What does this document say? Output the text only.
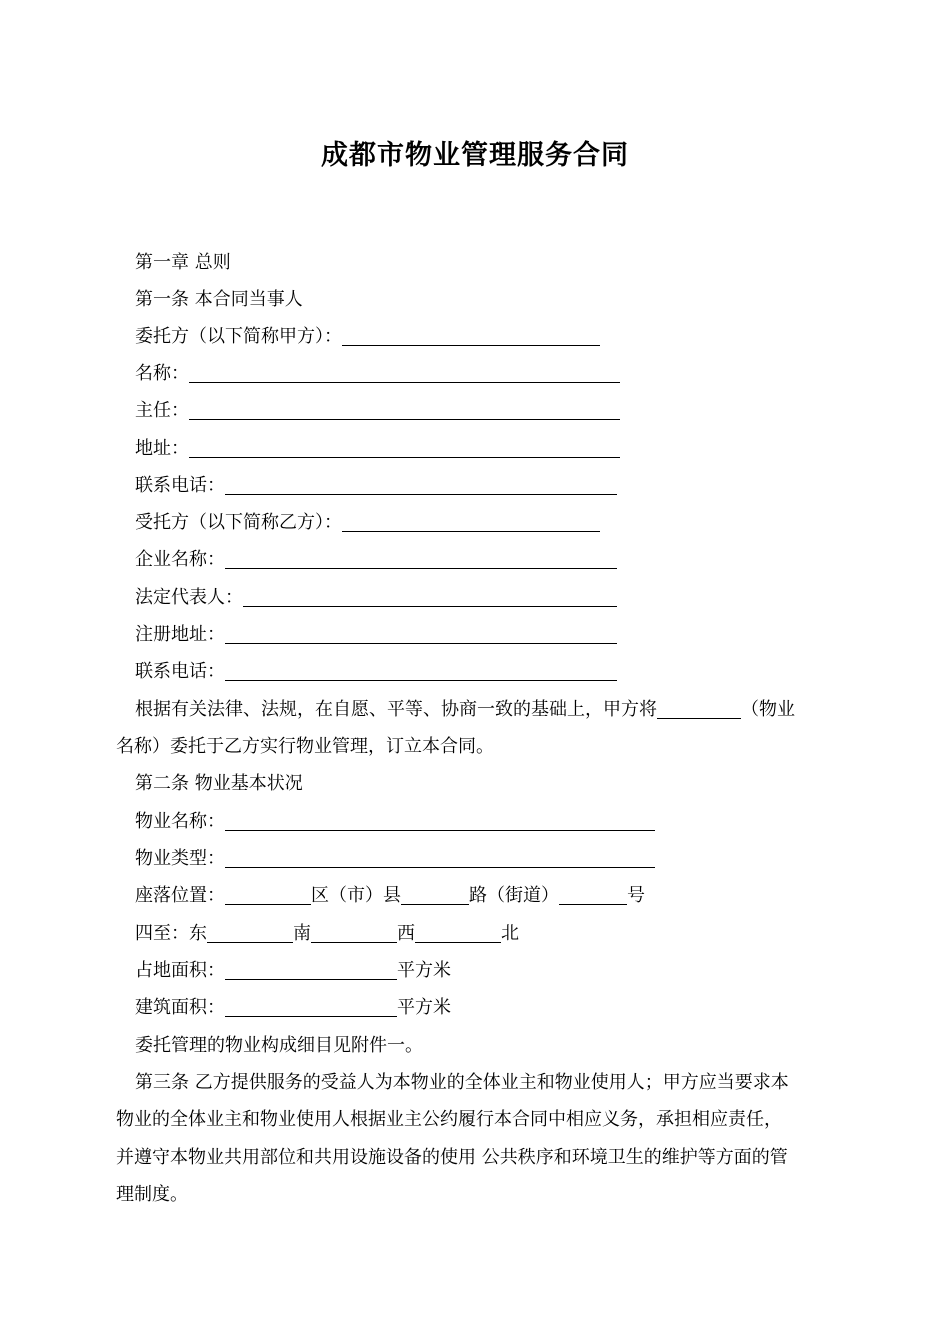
成都市物业管理服务合同
第一章 总则
第一条 本合同当事人
委托方（以下简称甲方）：
名称：
主任：
地址：
联系电话：
受托方（以下简称乙方）：
企业名称：
法定代表人：
注册地址：
联系电话：
根据有关法律、法规，在自愿、平等、协商一致的基础上，甲方将	（物业
名称）委托于乙方实行物业管理，订立本合同。
第二条 物业基本状况
物业名称：
物业类型：
座落位置：	区（市）县	路（街道）	号
四至：东	南	西	北
占地面积：	平方米
建筑面积：	平方米
委托管理的物业构成细目见附件一。
第三条 乙方提供服务的受益人为本物业的全体业主和物业使用人；甲方应当要求本
物业的全体业主和物业使用人根据业主公约履行本合同中相应义务，承担相应责任，
并遵守本物业共用部位和共用设施设备的使用 公共秩序和环境卫生的维护等方面的管
理制度。
